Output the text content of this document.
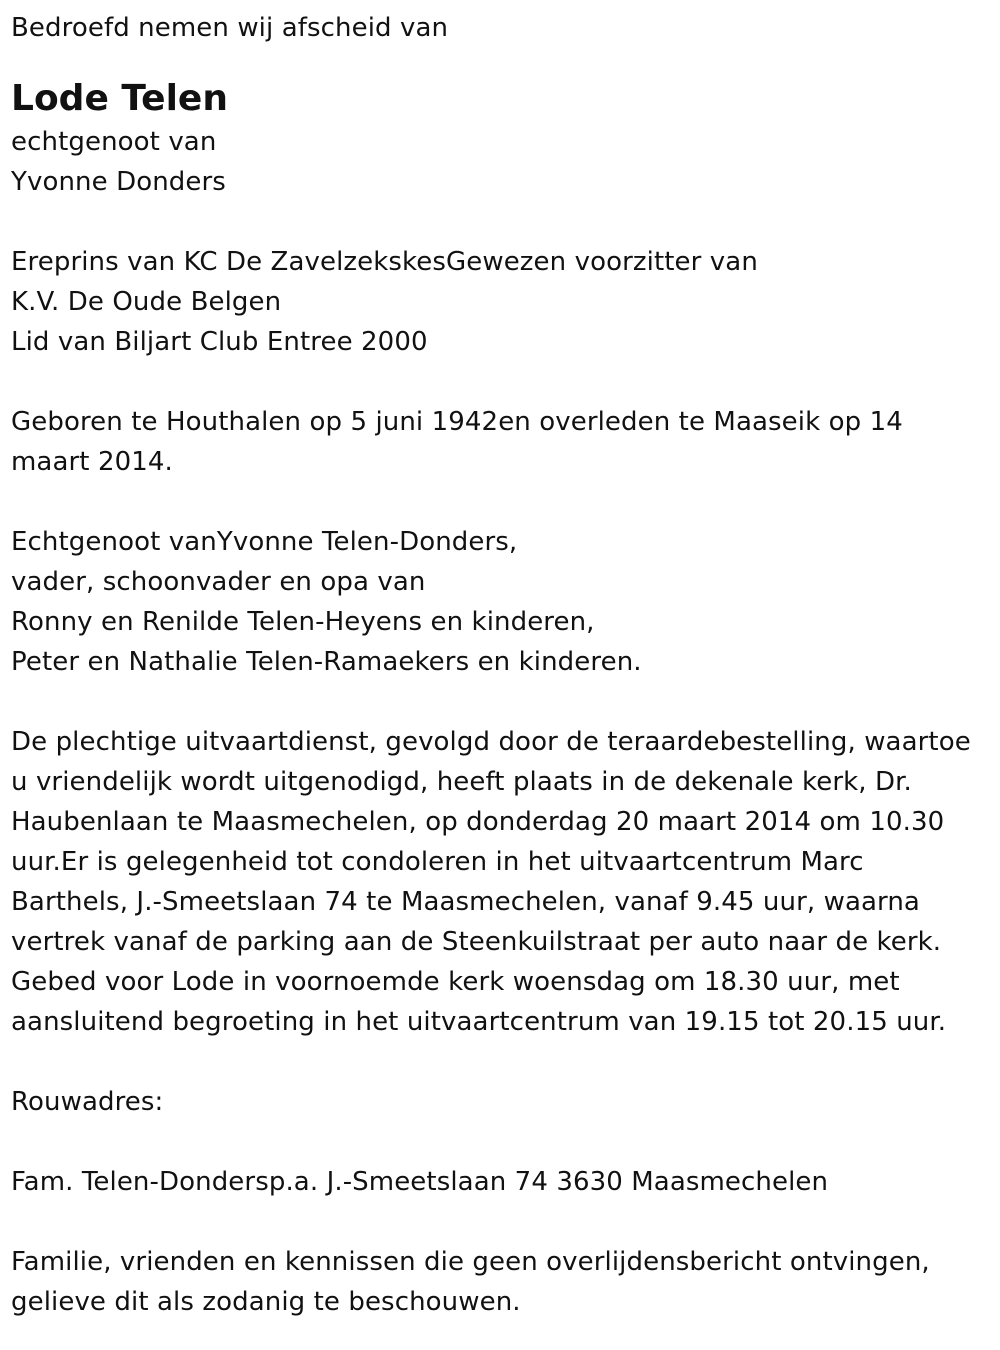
Bedroefd nemen wij afscheid van

Lode Telen

echtgenoot van

Yvonne Donders

Ereprins van KC De ZavelzekskesGewezen voorzitter van

K.V. De Oude Belgen

Lid van Biljart Club Entree 2000

Geboren te Houthalen op 5 juni 1942en overleden te Maaseik op 14

maart 2014.

Echtgenoot vanYvonne Telen-Donders,

vader, schoonvader en opa van

Ronny en Renilde Telen-Heyens en kinderen,

Peter en Nathalie Telen-Ramaekers en kinderen.

De plechtige uitvaartdienst, gevolgd door de teraardebestelling, waartoe

u vriendelijk wordt uitgenodigd, heeft plaats in de dekenale kerk, Dr.

Haubenlaan te Maasmechelen, op donderdag 20 maart 2014 om 10.30

uur.Er is gelegenheid tot condoleren in het uitvaartcentrum Marc

Barthels, J.-Smeetslaan 74 te Maasmechelen, vanaf 9.45 uur, waarna

vertrek vanaf de parking aan de Steenkuilstraat per auto naar de kerk.

Gebed voor Lode in voornoemde kerk woensdag om 18.30 uur, met

aansluitend begroeting in het uitvaartcentrum van 19.15 tot 20.15 uur.

Rouwadres:

Fam. Telen-Dondersp.a. J.-Smeetslaan 74 3630 Maasmechelen

Familie, vrienden en kennissen die geen overlijdensbericht ontvingen,

gelieve dit als zodanig te beschouwen.
